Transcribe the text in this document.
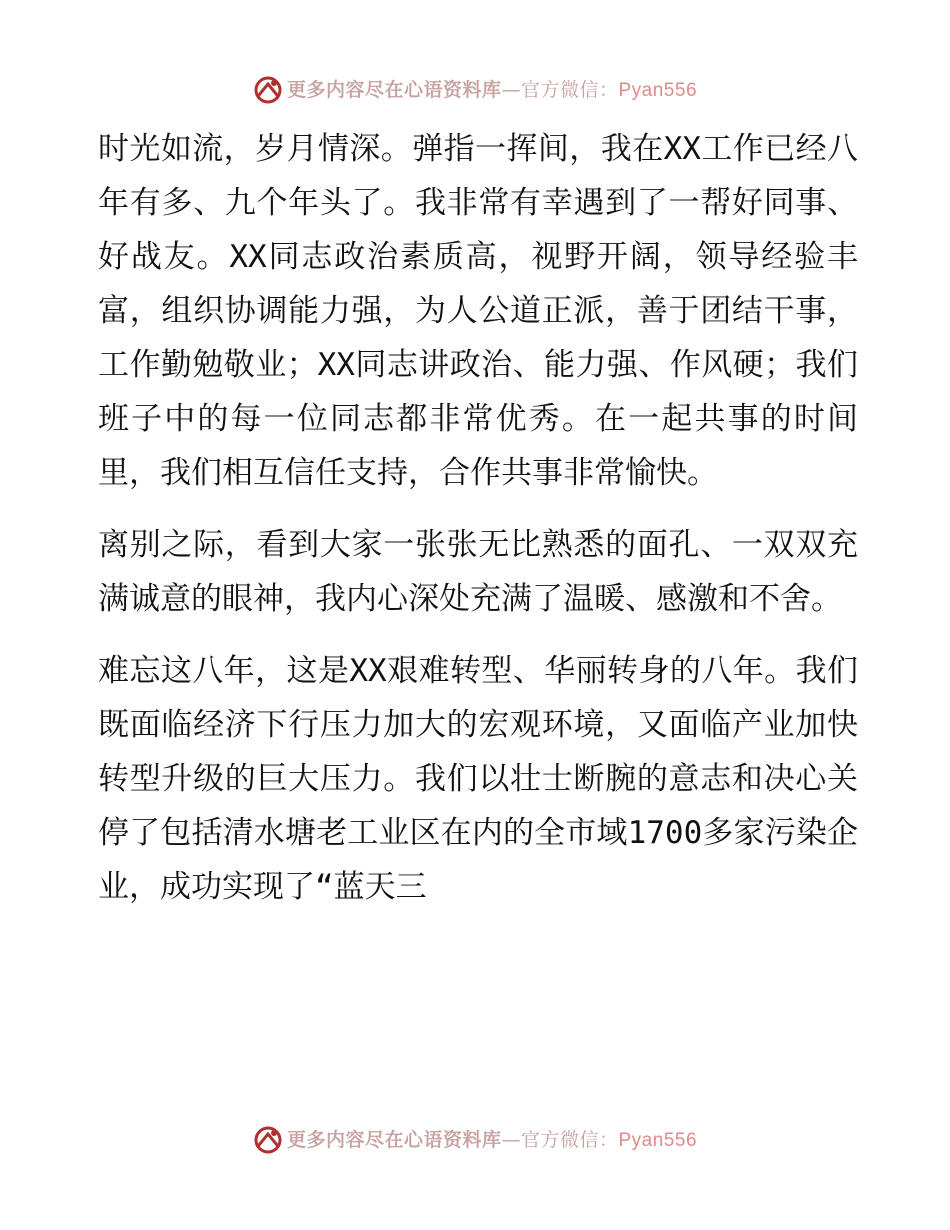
更多内容尽在心语资料库—官方微信：Pyan556

时光如流，岁月情深。弹指一挥间，我在XX工作已经八年有多、九个年头了。我非常有幸遇到了一帮好同事、好战友。XX同志政治素质高，视野开阔，领导经验丰富，组织协调能力强，为人公道正派，善于团结干事，工作勤勉敬业；XX同志讲政治、能力强、作风硬；我们班子中的每一位同志都非常优秀。在一起共事的时间里，我们相互信任支持，合作共事非常愉快。

离别之际，看到大家一张张无比熟悉的面孔、一双双充满诚意的眼神，我内心深处充满了温暖、感激和不舍。

难忘这八年，这是XX艰难转型、华丽转身的八年。我们既面临经济下行压力加大的宏观环境，又面临产业加快转型升级的巨大压力。我们以壮士断腕的意志和决心关停了包括清水塘老工业区在内的全市域1700多家污染企业，成功实现了“蓝天三

更多内容尽在心语资料库—官方微信：Pyan556
